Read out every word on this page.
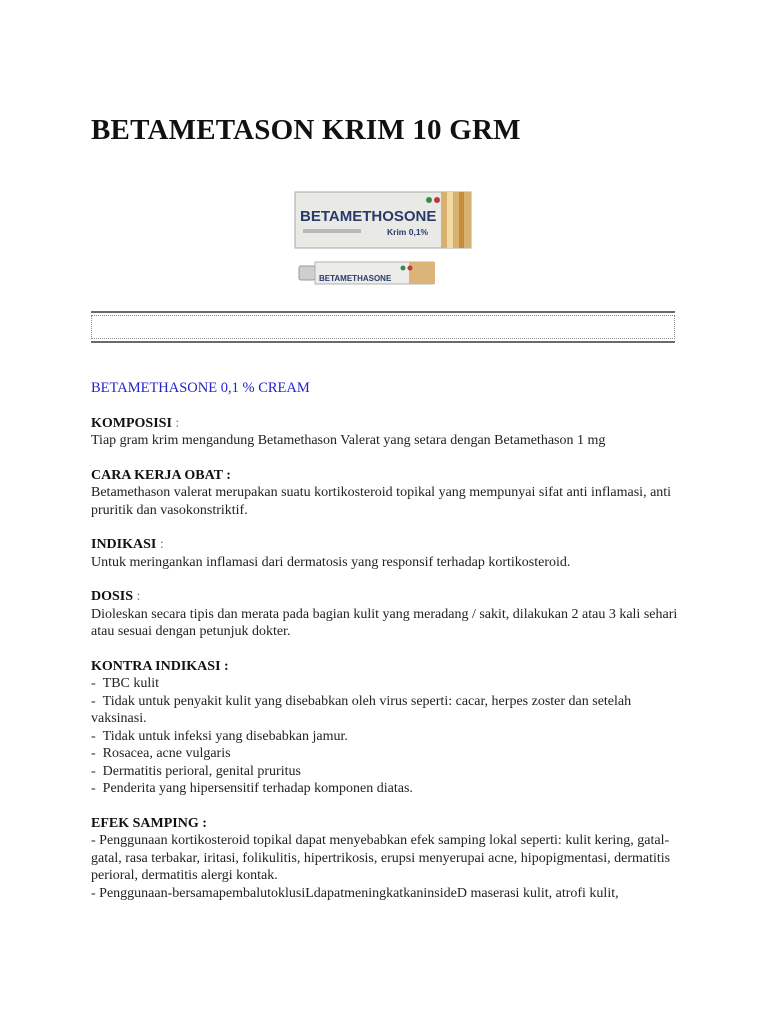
BETAMETASON KRIM 10 GRM
BETAMETHOSONE
Krim 0,1%
BETAMETHASONE
BETAMETHASONE 0,1 % CREAM
KOMPOSISI :
Tiap gram krim mengandung Betamethason Valerat yang setara dengan Betamethason 1 mg
CARA KERJA OBAT :
Betamethason valerat merupakan suatu kortikosteroid topikal yang mempunyai sifat anti inflamasi, anti pruritik dan vasokonstriktif.
INDIKASI :
Untuk meringankan inflamasi dari dermatosis yang responsif terhadap kortikosteroid.
DOSIS :
Dioleskan secara tipis dan merata pada bagian kulit yang meradang / sakit, dilakukan 2 atau 3 kali sehari atau sesuai dengan petunjuk dokter.
KONTRA INDIKASI :
-  TBC kulit
-  Tidak untuk penyakit kulit yang disebabkan oleh virus seperti: cacar, herpes zoster dan setelah vaksinasi.
-  Tidak untuk infeksi yang disebabkan jamur.
-  Rosacea, acne vulgaris
-  Dermatitis perioral, genital pruritus
-  Penderita yang hipersensitif terhadap komponen diatas.
EFEK SAMPING :
- Penggunaan kortikosteroid topikal dapat menyebabkan efek samping lokal seperti: kulit kering, gatal-gatal, rasa terbakar, iritasi, folikulitis, hipertrikosis, erupsi menyerupai acne, hipopigmentasi, dermatitis perioral, dermatitis alergi kontak.
- Penggunaan-bersamapembalutoklusiLdapatmeningkatkaninsideD maserasi kulit, atrofi kulit,
